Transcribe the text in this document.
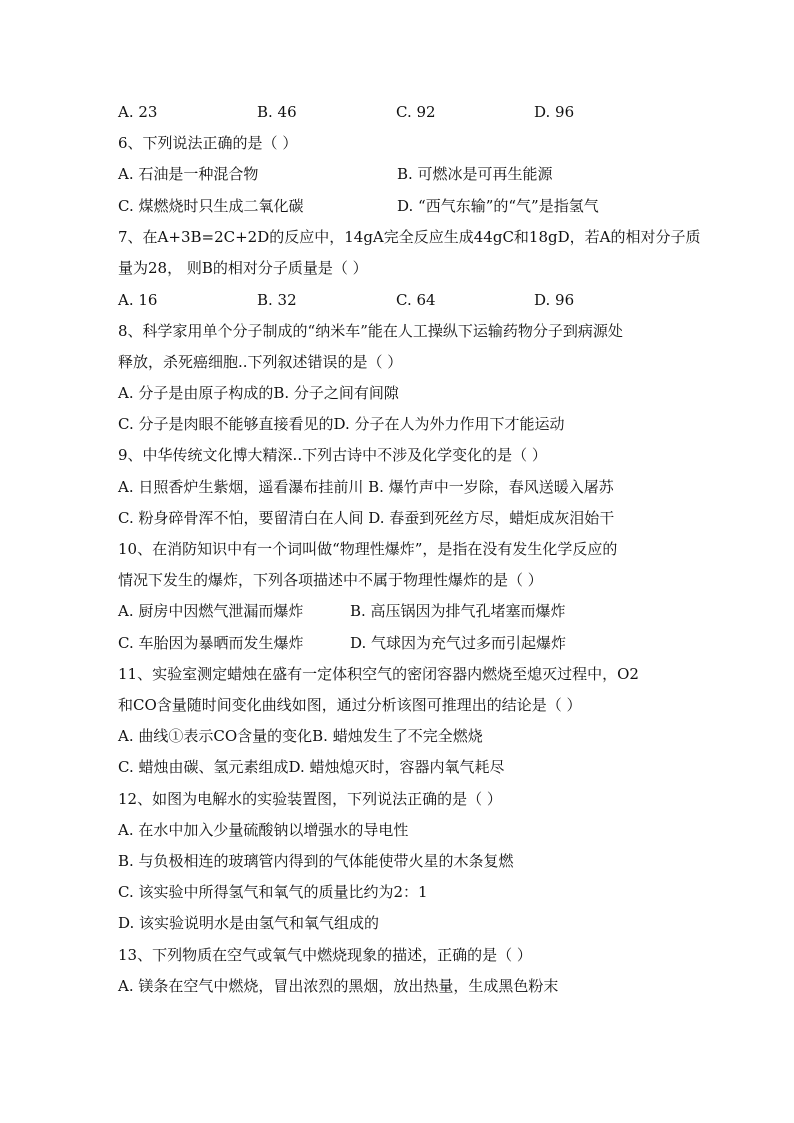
A. 23	B. 46	C. 92	D. 96
6、下列说法正确的是（ ）
A. 石油是一种混合物	B. 可燃冰是可再生能源
C. 煤燃烧时只生成二氧化碳	D. “西气东输”的“气”是指氢气
7、在A+3B=2C+2D的反应中，14gA完全反应生成44gC和18gD，若A的相对分子质
量为28， 则B的相对分子质量是（ ）
A. 16	B. 32	C. 64	D. 96
8、科学家用单个分子制成的“纳米车”能在人工操纵下运输药物分子到病源处
释放，杀死癌细胞..下列叙述错误的是（ ）
A. 分子是由原子构成的B. 分子之间有间隙
C. 分子是肉眼不能够直接看见的D. 分子在人为外力作用下才能运动
9、中华传统文化博大精深..下列古诗中不涉及化学变化的是（ ）
A. 日照香炉生紫烟，遥看瀑布挂前川 B. 爆竹声中一岁除，春风送暖入屠苏
C. 粉身碎骨浑不怕，要留清白在人间 D. 春蚕到死丝方尽，蜡炬成灰泪始干
10、在消防知识中有一个词叫做“物理性爆炸”，是指在没有发生化学反应的
情况下发生的爆炸，下列各项描述中不属于物理性爆炸的是（ ）
A. 厨房中因燃气泄漏而爆炸	B. 高压锅因为排气孔堵塞而爆炸
C. 车胎因为暴晒而发生爆炸	D. 气球因为充气过多而引起爆炸
11、实验室测定蜡烛在盛有一定体积空气的密闭容器内燃烧至熄灭过程中，O2
和CO含量随时间变化曲线如图，通过分析该图可推理出的结论是（ ）
A. 曲线①表示CO含量的变化B. 蜡烛发生了不完全燃烧
C. 蜡烛由碳、氢元素组成D. 蜡烛熄灭时，容器内氧气耗尽
12、如图为电解水的实验装置图，下列说法正确的是（ ）
A. 在水中加入少量硫酸钠以增强水的导电性
B. 与负极相连的玻璃管内得到的气体能使带火星的木条复燃
C. 该实验中所得氢气和氧气的质量比约为2：1
D. 该实验说明水是由氢气和氧气组成的
13、下列物质在空气或氧气中燃烧现象的描述，正确的是（ ）
A. 镁条在空气中燃烧，冒出浓烈的黑烟，放出热量，生成黑色粉末
